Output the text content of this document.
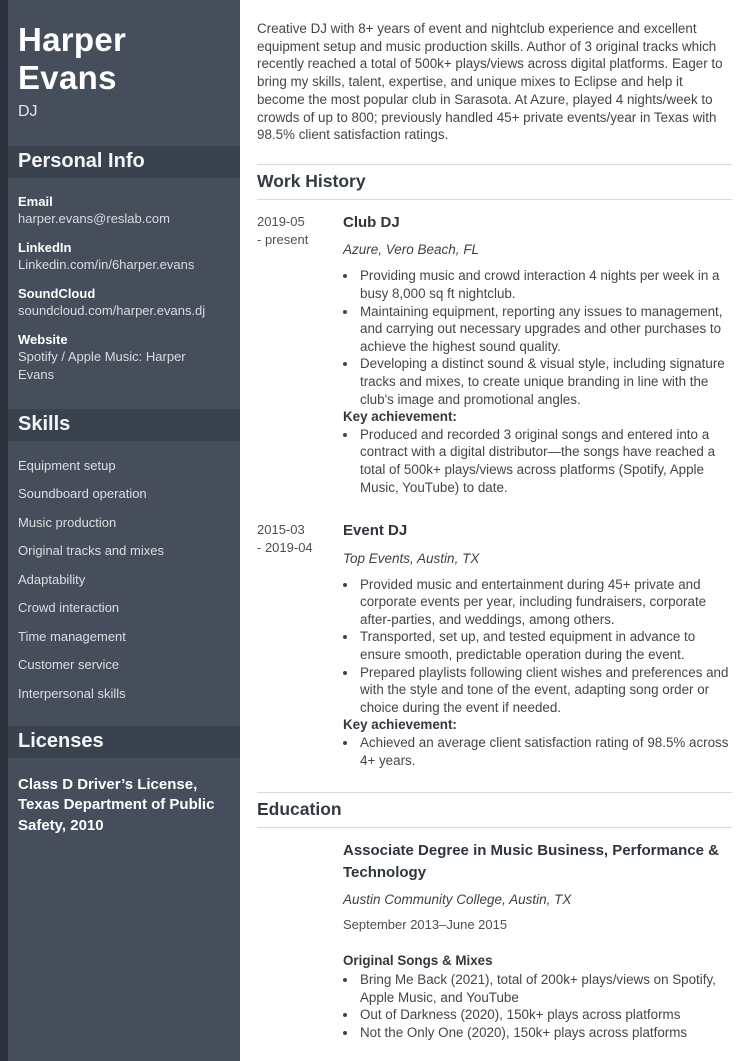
Harper Evans
DJ
Personal Info
Email
harper.evans@reslab.com
LinkedIn
Linkedin.com/in/6harper.evans
SoundCloud
soundcloud.com/harper.evans.dj
Website
Spotify / Apple Music: Harper Evans
Skills
Equipment setup
Soundboard operation
Music production
Original tracks and mixes
Adaptability
Crowd interaction
Time management
Customer service
Interpersonal skills
Licenses

Class D Driver’s License, Texas Department of Public Safety, 2010

Creative DJ with 8+ years of event and nightclub experience and excellent equipment setup and music production skills. Author of 3 original tracks which recently reached a total of 500k+ plays/views across digital platforms. Eager to bring my skills, talent, expertise, and unique mixes to Eclipse and help it become the most popular club in Sarasota. At Azure, played 4 nights/week to crowds of up to 800; previously handled 45+ private events/year in Texas with 98.5% client satisfaction ratings.

Work History
2019-05
- present
Club DJ
Azure, Vero Beach, FL
• Providing music and crowd interaction 4 nights per week in a busy 8,000 sq ft nightclub.
• Maintaining equipment, reporting any issues to management, and carrying out necessary upgrades and other purchases to achieve the highest sound quality.
• Developing a distinct sound & visual style, including signature tracks and mixes, to create unique branding in line with the club's image and promotional angles.
Key achievement:
• Produced and recorded 3 original songs and entered into a contract with a digital distributor—the songs have reached a total of 500k+ plays/views across platforms (Spotify, Apple Music, YouTube) to date.
2015-03
- 2019-04
Event DJ
Top Events, Austin, TX
• Provided music and entertainment during 45+ private and corporate events per year, including fundraisers, corporate after-parties, and weddings, among others.
• Transported, set up, and tested equipment in advance to ensure smooth, predictable operation during the event.
• Prepared playlists following client wishes and preferences and with the style and tone of the event, adapting song order or choice during the event if needed.
Key achievement:
• Achieved an average client satisfaction rating of 98.5% across 4+ years.
Education
Associate Degree in Music Business, Performance & Technology
Austin Community College, Austin, TX
September 2013–June 2015
Original Songs & Mixes
• Bring Me Back (2021), total of 200k+ plays/views on Spotify, Apple Music, and YouTube
• Out of Darkness (2020), 150k+ plays across platforms
• Not the Only One (2020), 150k+ plays across platforms
